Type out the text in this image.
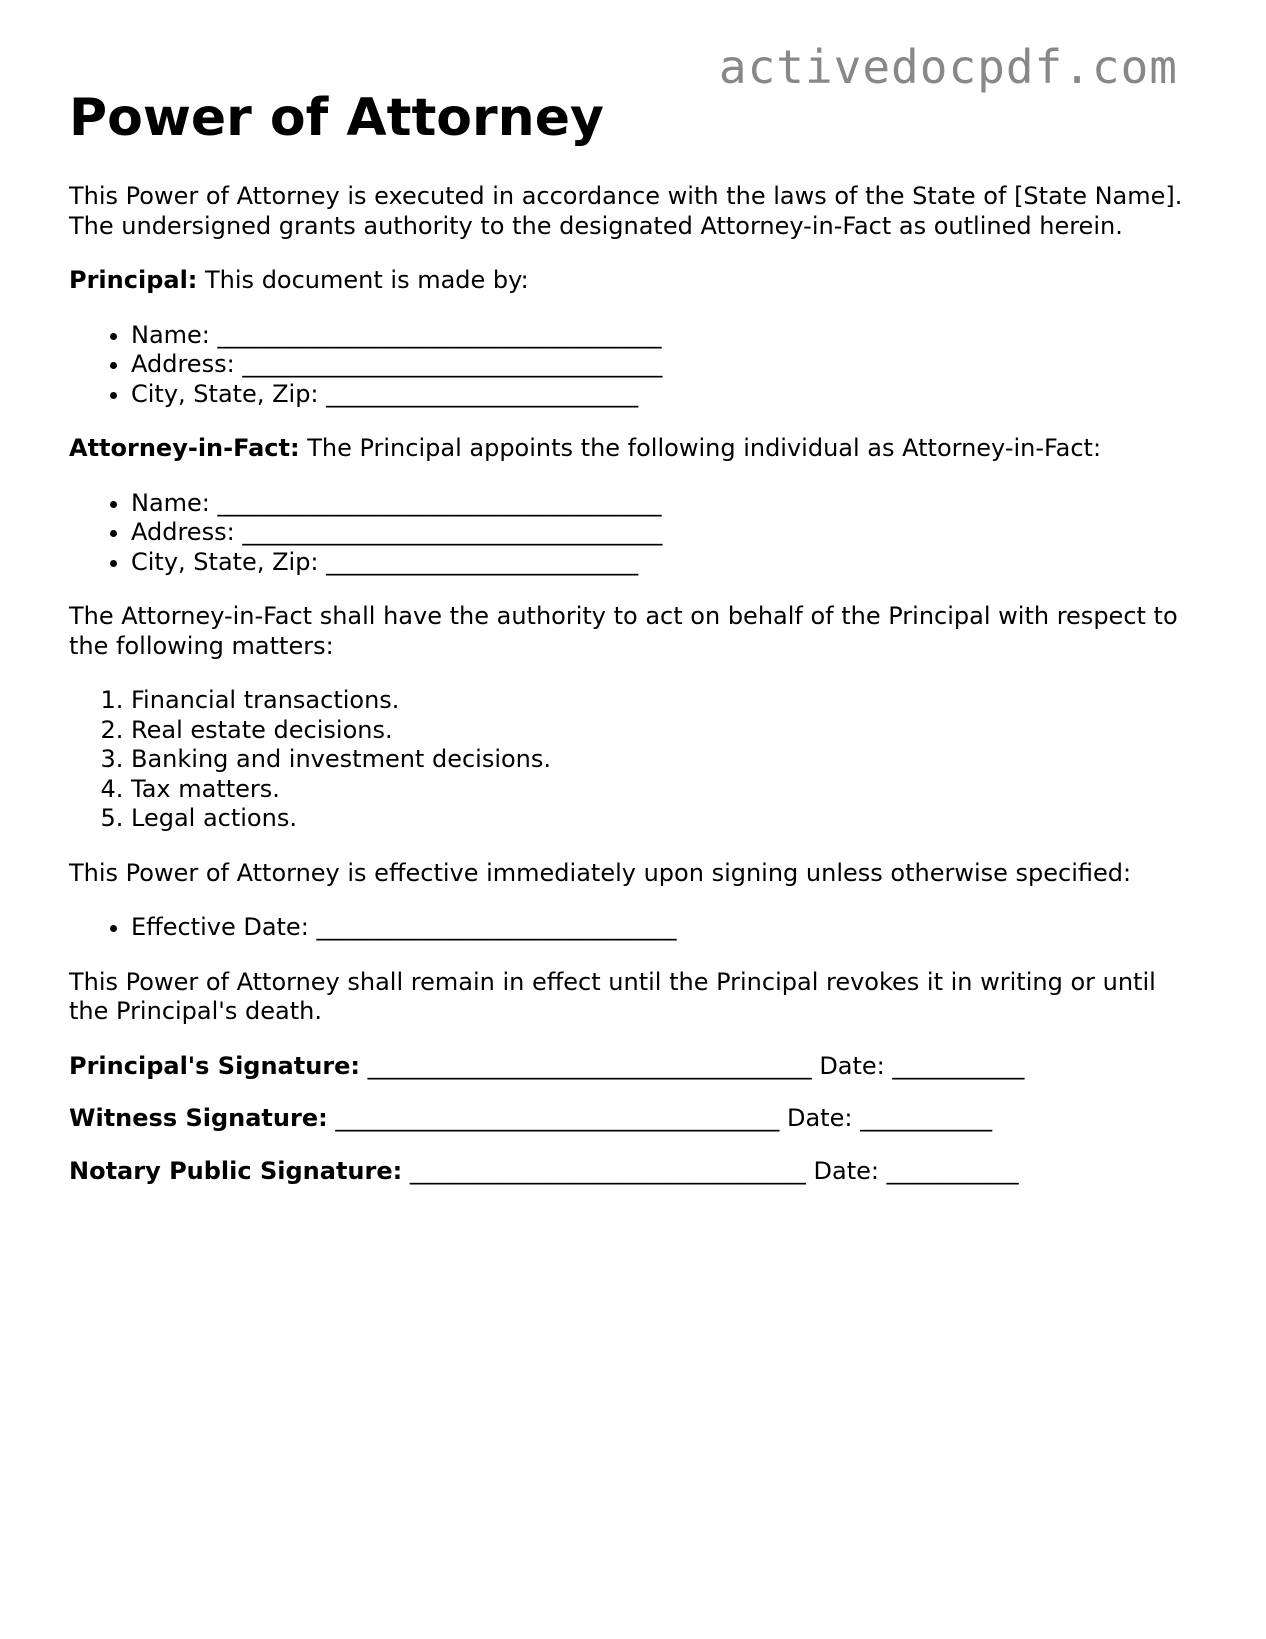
activedocpdf.com
Power of Attorney

This Power of Attorney is executed in accordance with the laws of the State of [State Name]. The undersigned grants authority to the designated Attorney-in-Fact as outlined herein.

Principal: This document is made by:

• Name: _____________________________________
• Address: ___________________________________
• City, State, Zip: __________________________

Attorney-in-Fact: The Principal appoints the following individual as Attorney-in-Fact:

• Name: _____________________________________
• Address: ___________________________________
• City, State, Zip: __________________________

The Attorney-in-Fact shall have the authority to act on behalf of the Principal with respect to the following matters:

1. Financial transactions.
2. Real estate decisions.
3. Banking and investment decisions.
4. Tax matters.
5. Legal actions.

This Power of Attorney is effective immediately upon signing unless otherwise specified:

• Effective Date: ______________________________

This Power of Attorney shall remain in effect until the Principal revokes it in writing or until the Principal's death.

Principal's Signature: _____________________________________ Date: ___________

Witness Signature: _____________________________________ Date: ___________

Notary Public Signature: _________________________________ Date: ___________
